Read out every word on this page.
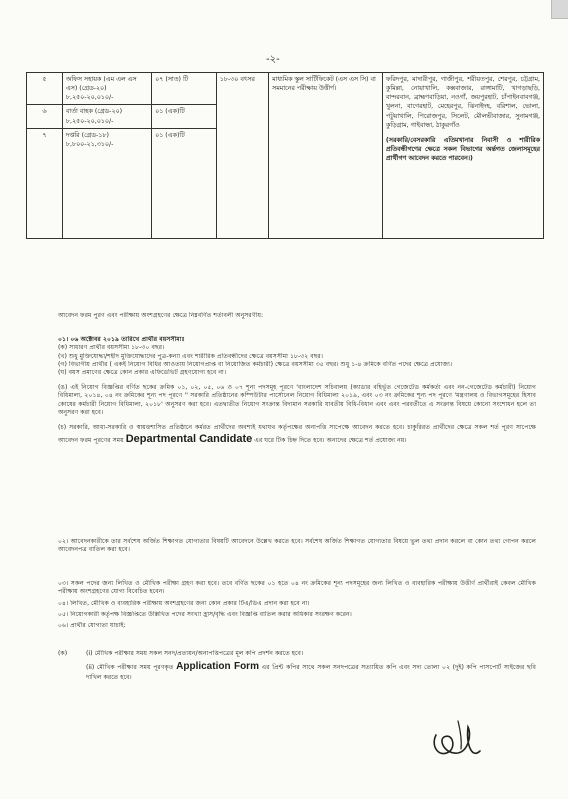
-২-
৫	অফিস সহায়ক (এম এল এস এস) (গ্রেড-২০) ৮,২৫০-২০,০১০/-	০৭ (সাত) টি	১৮-৩০ বৎসর	মাধ্যমিক স্কুল সার্টিফিকেট (এস এস সি) বা সমমানের পরীক্ষায় উত্তীর্ণ।	ফরিদপুর, মাদারীপুর, গাজীপুর, শরীয়তপুর, শেরপুর, চট্টগ্রাম, কুমিল্লা, নোয়াখালি, কক্সবাজার, রাঙ্গামাটি, খাগড়াছড়ি, বান্দরবান, ব্রাহ্মণবাড়িয়া, নওগাঁ, জয়পুরহাট, চাঁপাইনবাবগঞ্জ, খুলনা, বাগেরহাট, মেহেরপুর, ঝিনাইদহ, বরিশাল, ভোলা, পটুয়াখালি, পিরোজপুর, সিলেট, মৌলভীবাজার, সুনামগঞ্জ, কুড়িগ্রাম, গাইবান্ধা, ঠাকুরগাঁও
(সরকারি/বেসরকারি এতিমখানার নিবাসী ও শারীরিক প্রতিবন্ধীগণের ক্ষেত্রে সকল বিভাগের অর্ন্তগত জেলাসমূহের প্রার্থীগণ আবেদন করতে পারবেন।)

৬	বার্তা বাহক (গ্রেড-২০) ৮,২৫০-২০,০১০/-	০১ (এক)টি			
৭	দপ্তরি (গ্রেড-১৮) ৮,৮০০-২১,৩১০/-	০১ (এক)টি			

আবেদন ফরম পুরণ এবং পরীক্ষায় অংশগ্রহণের ক্ষেত্রে নিম্নবর্ণিত শর্তাবলী অনুসরণীয়:

০১। ০৬ অক্টোবর ২০১৯ তারিখে প্রার্থীর বয়সসীমাঃ

(ক) সাধারণ প্রার্থীর বয়সসীমা ১৮-৩০ বছর।

(খ) শুধু মুক্তিযোদ্ধা/শহীদ মুক্তিযোদ্ধাদের পুত্র-কন্যা এবং শারীরিক প্রতিবন্ধীদের ক্ষেত্রে বয়সসীমা ১৮-৩২ বছর।

(গ) বিভাগীয় প্রার্থীর ( একই নিয়োগ বিধির আওতায় নিয়োগপ্রাপ্ত বা নিয়োজিত কর্মচারী) ক্ষেত্রে বয়সসীমা ৩৫ বছর। শুধু ১-৪ ক্রমিকে বর্ণিত পদের ক্ষেত্রে প্রযোজ্য।

(ঘ) বয়স প্রমাণের ক্ষেত্রে কোন প্রকার এফিডেভিট গ্রহণযোগ্য হবে না।

(ঙ) এই নিয়োগ বিজ্ঞপ্তির বর্ণিত ছকের ক্রমিক ০১, ০২, ০৫, ০৬ ও ০৭ শূন্য পদসমূহ পূরণে 'বাংলাদেশ সচিবালয় (ক্যাডার বহির্ভূত গেজেটেড কর্মকর্তা এবং নন-গেজেটেড কর্মচারী) নিয়োগ বিধিমালা, ২০১৪, ০৪ নং ক্রমিকের শূন্য পদ পূরণে '' সরকারি প্রতিষ্ঠানের কম্পিউটার পার্সোনেল নিয়োগ বিধিমালা ২০১৯, এবং ০৩ নং ক্রমিকের শূন্য পদ পূরণে 'মন্ত্রণালয় ও বিভাগসমূহের হিসাব কোষের কর্মচারী নিয়োগ বিধিমালা, ২০১৮' অনুসরণ করা হবে। এতদ্ব্যতীত নিয়োগ সংক্রান্ত বিদ্যমান সরকারি যাবতীয় বিধি-বিধান এবং এবং পরবর্তীতে এ সংক্রান্ত বিষয়ে কোনো সংশোধন হলে তা অনুসরণ করা হবে।

(চ) সরকারি, আধা-সরকারি ও স্বায়ত্তশাসিত প্রতিষ্ঠানে কর্মরত প্রার্থীদের অবশ্যই যথাযথ কর্তৃপক্ষের অনাপত্তি সাপেক্ষে আবেদন করতে হবে। চাকুরিরত প্রার্থীদের ক্ষেত্রে সকল শর্ত পূরণ সাপেক্ষে আবেদন ফরম পূরণের সময় Departmental Candidate এর ঘরে টিক চিহ্ন দিতে হবে। অন্যদের ক্ষেত্রে শর্ত প্রযোজ্য নয়।

০২। আবেদনকারীকে তার সর্বশেষ অর্জিত শিক্ষাগত যোগ্যতার বিষয়টি আবেদনে উল্লেখ করতে হবে। সর্বশেষ অর্জিত শিক্ষাগত যোগ্যতার বিষয়ে ভুল তথ্য প্রদান করলে বা কোন তথ্য গোপন করলে আবেদনপত্র বাতিল করা হবে।

০৩। সকল পদের জন্য লিখিত ও মৌখিক পরীক্ষা গ্রহণ করা হবে। তবে বর্ণিত ছকের ০১ হতে ০৪ নং ক্রমিকের শূন্য পদসমূহের জন্য লিখিত ও ব্যবহারিক পরীক্ষায় উত্তীর্ণ প্রার্থীরাই কেবল মৌখিক পরীক্ষায় অংশগ্রহণের যোগ্য বিবেচিত হবেন।

০৪। লিখিত, মৌখিক ও ব্যবহারিক পরীক্ষায় অংশগ্রহণের জন্য কোন প্রকার টিএ/ডিএ প্রদান করা হবে না।

০৫। নিয়োগকারী কর্তৃপক্ষ বিজ্ঞপ্তিতে উল্লিখিত পদের সংখ্যা হ্রাস/বৃদ্ধি এবং বিজ্ঞপ্তি বাতিল করার অধিকার সংরক্ষণ করেন।

০৬। প্রার্থীর যোগ্যতা যাচাই:

(ক)	(i) মৌখিক পরীক্ষার সময় সকল সনদ/প্রত্যয়ন/অনাপত্তিপত্রের মূল কপি প্রদর্শন করতে হবে।

(ii) মৌখিক পরীক্ষার সময় পূরণকৃত Application Form এর প্রিন্ট কপির সাথে সকল সনদপত্রের সত্যায়িত কপি এবং সদ্য তোলা ০২ (দুই) কপি পাসপোর্ট সাইজের ছবি দাখিল করতে হবে।
